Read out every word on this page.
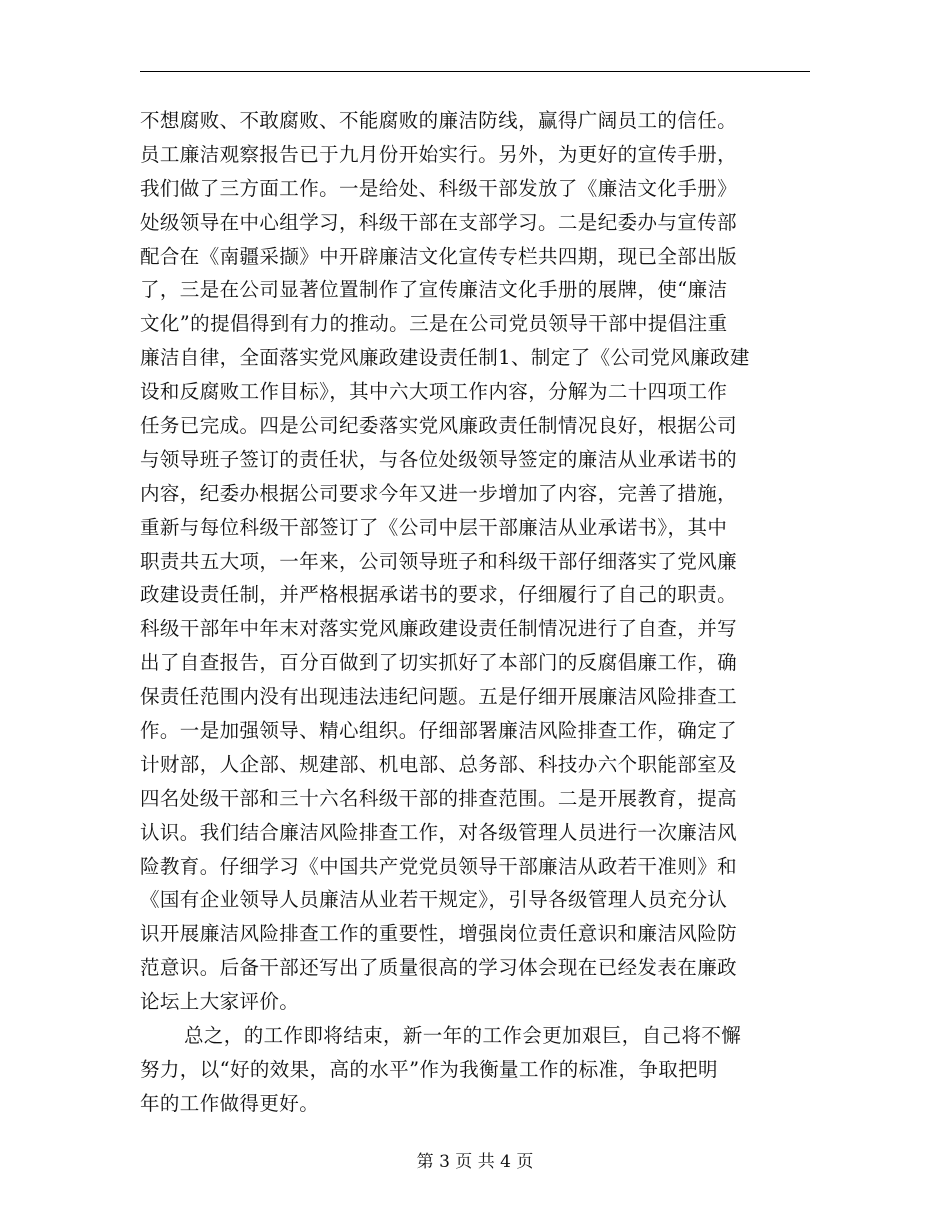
不想腐败、不敢腐败、不能腐败的廉洁防线，赢得广阔员工的信任。
员工廉洁观察报告已于九月份开始实行。另外，为更好的宣传手册，
我们做了三方面工作。一是给处、科级干部发放了《廉洁文化手册》
处级领导在中心组学习，科级干部在支部学习。二是纪委办与宣传部
配合在《南疆采撷》中开辟廉洁文化宣传专栏共四期，现已全部出版
了，三是在公司显著位置制作了宣传廉洁文化手册的展牌，使“廉洁
文化”的提倡得到有力的推动。三是在公司党员领导干部中提倡注重
廉洁自律，全面落实党风廉政建设责任制1、制定了《公司党风廉政建
设和反腐败工作目标》，其中六大项工作内容，分解为二十四项工作
任务已完成。四是公司纪委落实党风廉政责任制情况良好，根据公司
与领导班子签订的责任状，与各位处级领导签定的廉洁从业承诺书的
内容，纪委办根据公司要求今年又进一步增加了内容，完善了措施，
重新与每位科级干部签订了《公司中层干部廉洁从业承诺书》，其中
职责共五大项，一年来，公司领导班子和科级干部仔细落实了党风廉
政建设责任制，并严格根据承诺书的要求，仔细履行了自己的职责。
科级干部年中年末对落实党风廉政建设责任制情况进行了自查，并写
出了自查报告，百分百做到了切实抓好了本部门的反腐倡廉工作，确
保责任范围内没有出现违法违纪问题。五是仔细开展廉洁风险排查工
作。一是加强领导、精心组织。仔细部署廉洁风险排查工作，确定了
计财部，人企部、规建部、机电部、总务部、科技办六个职能部室及
四名处级干部和三十六名科级干部的排查范围。二是开展教育，提高
认识。我们结合廉洁风险排查工作，对各级管理人员进行一次廉洁风
险教育。仔细学习《中国共产党党员领导干部廉洁从政若干准则》和
《国有企业领导人员廉洁从业若干规定》，引导各级管理人员充分认
识开展廉洁风险排查工作的重要性，增强岗位责任意识和廉洁风险防
范意识。后备干部还写出了质量很高的学习体会现在已经发表在廉政
论坛上大家评价。
总之，的工作即将结束，新一年的工作会更加艰巨，自己将不懈
努力，以“好的效果，高的水平”作为我衡量工作的标准，争取把明
年的工作做得更好。
第 3 页 共 4 页
